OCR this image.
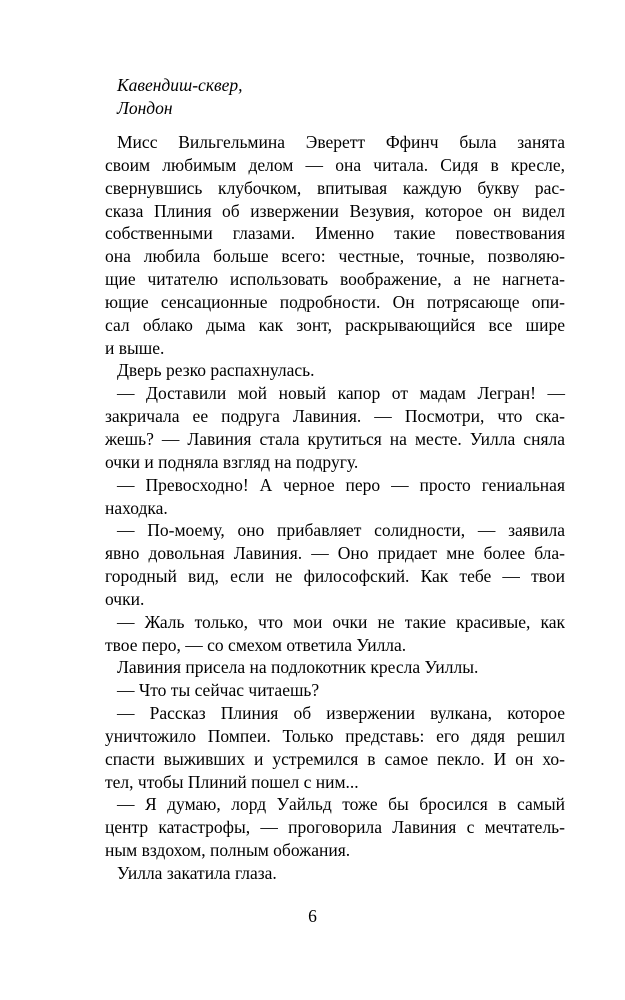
Кавендиш-сквер,
Лондон
Мисс Вильгельмина Эверетт Ффинч была занята
своим любимым делом — она читала. Сидя в кресле,
свернувшись клубочком, впитывая каждую букву рас-
сказа Плиния об извержении Везувия, которое он видел
собственными глазами. Именно такие повествования
она любила больше всего: честные, точные, позволяю-
щие читателю использовать воображение, а не нагнета-
ющие сенсационные подробности. Он потрясающе опи-
сал облако дыма как зонт, раскрывающийся все шире
и выше.
Дверь резко распахнулась.
— Доставили мой новый капор от мадам Легран! —
закричала ее подруга Лавиния. — Посмотри, что ска-
жешь? — Лавиния стала крутиться на месте. Уилла сняла
очки и подняла взгляд на подругу.
— Превосходно! А черное перо — просто гениальная
находка.
— По-моему, оно прибавляет солидности, — заявила
явно довольная Лавиния. — Оно придает мне более бла-
городный вид, если не философский. Как тебе — твои
очки.
— Жаль только, что мои очки не такие красивые, как
твое перо, — со смехом ответила Уилла.
Лавиния присела на подлокотник кресла Уиллы.
— Что ты сейчас читаешь?
— Рассказ Плиния об извержении вулкана, которое
уничтожило Помпеи. Только представь: его дядя решил
спасти выживших и устремился в самое пекло. И он хо-
тел, чтобы Плиний пошел с ним...
— Я думаю, лорд Уайльд тоже бы бросился в самый
центр катастрофы, — проговорила Лавиния с мечтатель-
ным вздохом, полным обожания.
Уилла закатила глаза.
6
